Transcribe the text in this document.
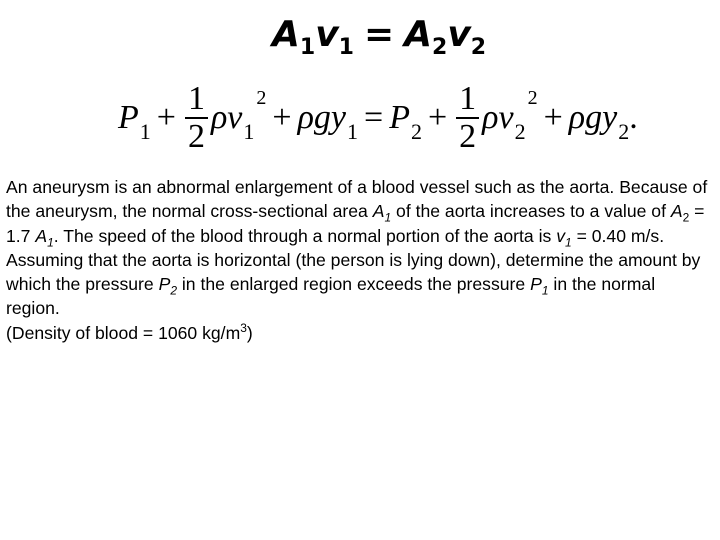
$A_1v_1 = A_2v_2$
P $1 + \frac{1}{2}$ ρ v 1
2
+ ρgy 1 = P $2 + \frac{1}{2}$ ρ v 2
2
+ ρgy 2 .

An aneurysm is an abnormal enlargement of a blood vessel such as the aorta. Because of the aneurysm, the normal cross-sectional area $A_1$ of the aorta increases to a value of $A_2 = 1.7$ $A_1$. The speed of the blood through a normal portion of the aorta is $v_1 = 0.40$ m/s. Assuming that the aorta is horizontal (the person is lying down), determine the amount by which the pressure $P_2$ in the enlarged region exceeds the pressure $P_1$ in the normal region.

(Density of blood = 1060 $kg/m^3$)
